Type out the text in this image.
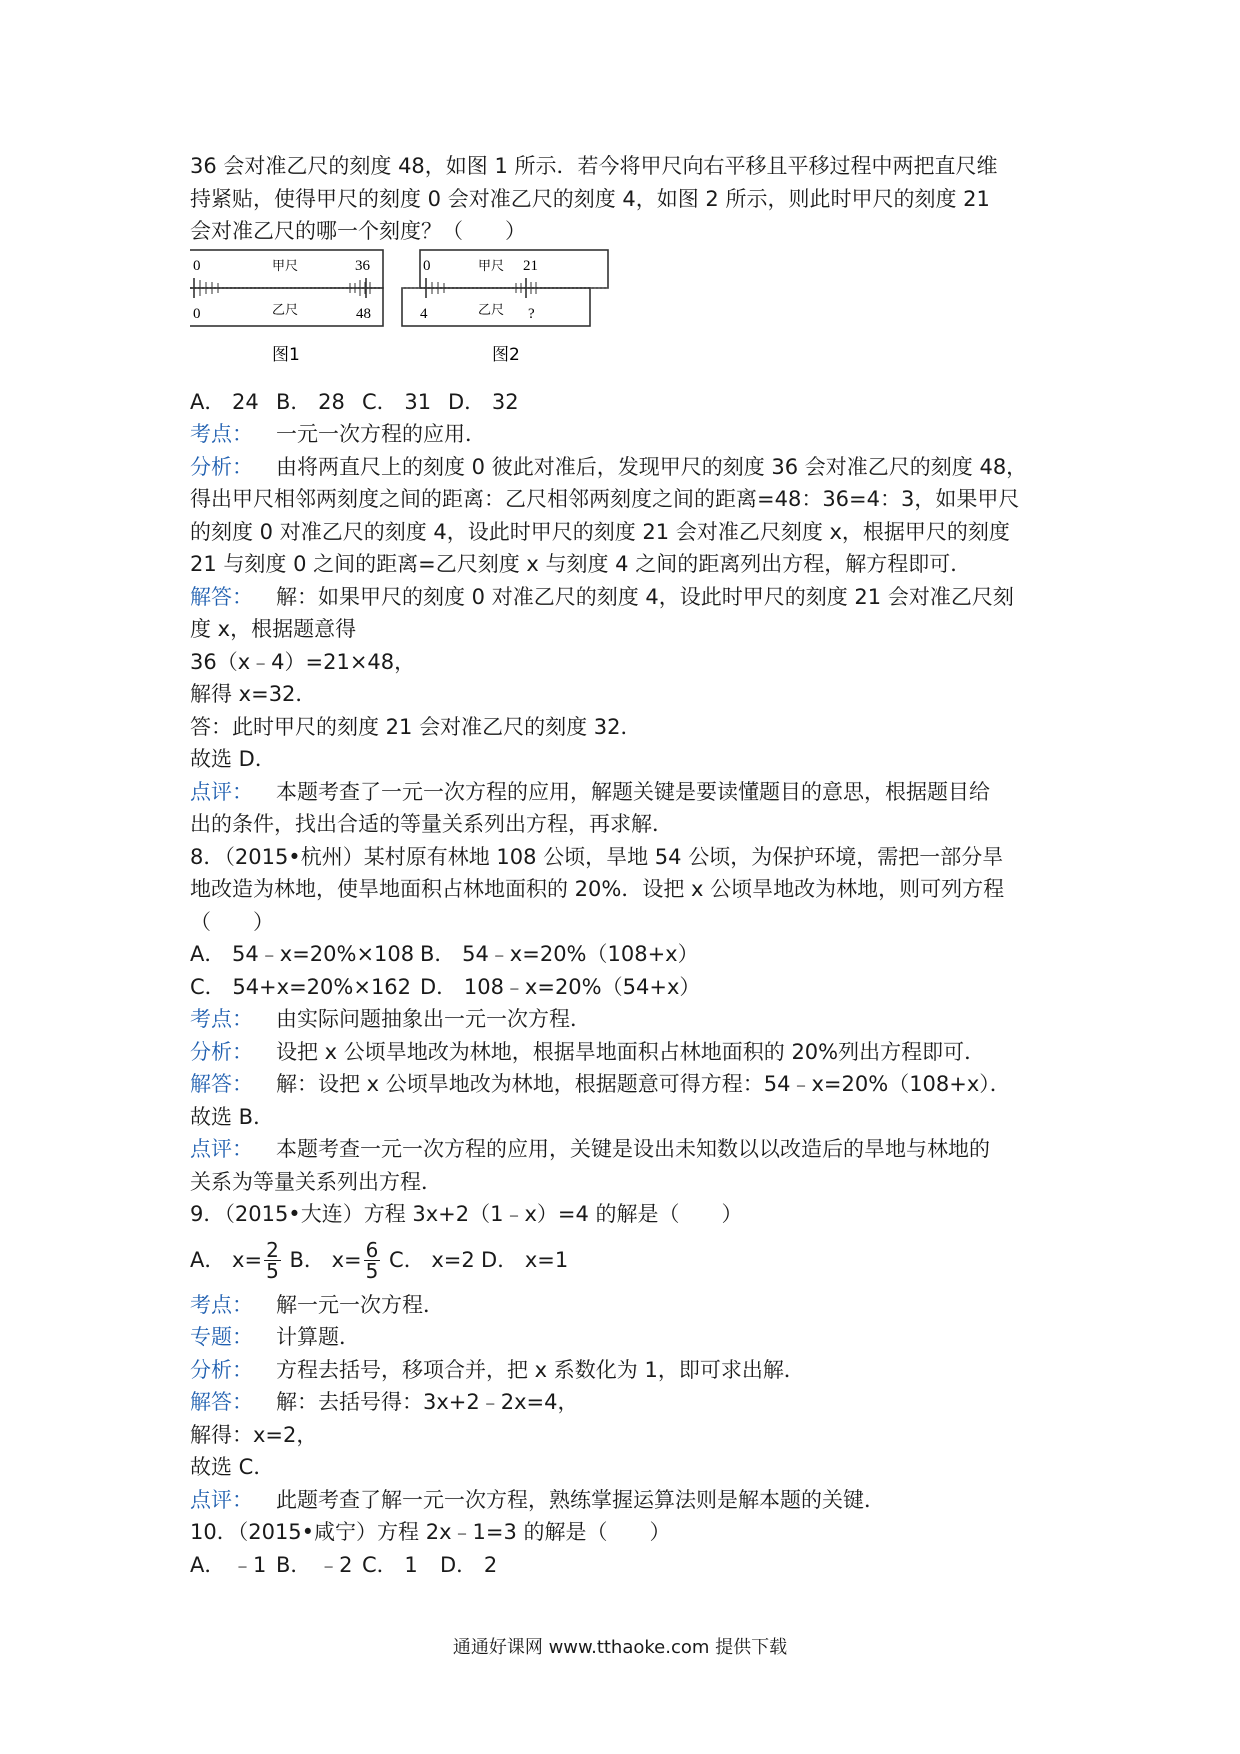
36 会对准乙尺的刻度 48，如图 1 所示．若今将甲尺向右平移且平移过程中两把直尺维
持紧贴，使得甲尺的刻度 0 会对准乙尺的刻度 4，如图 2 所示，则此时甲尺的刻度 21
会对准乙尺的哪一个刻度？（　　）
0	甲尺	36
0	乙尺	48
图1
0	甲尺 21
4	乙尺 ?
图2
A． 24 B． 28 C． 31 D． 32
考点： 一元一次方程的应用．
分析： 由将两直尺上的刻度 0 彼此对准后，发现甲尺的刻度 36 会对准乙尺的刻度 48，
得出甲尺相邻两刻度之间的距离：乙尺相邻两刻度之间的距离=48：36=4：3，如果甲尺
的刻度 0 对准乙尺的刻度 4，设此时甲尺的刻度 21 会对准乙尺刻度 x，根据甲尺的刻度
21 与刻度 0 之间的距离=乙尺刻度 x 与刻度 4 之间的距离列出方程，解方程即可．
解答： 解：如果甲尺的刻度 0 对准乙尺的刻度 4，设此时甲尺的刻度 21 会对准乙尺刻
度 x，根据题意得
36（x﹣4）=21×48，
解得 x=32．
答：此时甲尺的刻度 21 会对准乙尺的刻度 32．
故选 D．
点评： 本题考查了一元一次方程的应用，解题关键是要读懂题目的意思，根据题目给
出的条件，找出合适的等量关系列出方程，再求解．
8．（2015•杭州）某村原有林地 108 公顷，旱地 54 公顷，为保护环境，需把一部分旱
地改造为林地，使旱地面积占林地面积的 20%．设把 x 公顷旱地改为林地，则可列方程
（　　）
A． 54﹣x=20%×108 B． 54﹣x=20%（108+x）
C． 54+x=20%×162 D． 108﹣x=20%（54+x）
考点： 由实际问题抽象出一元一次方程．
分析： 设把 x 公顷旱地改为林地，根据旱地面积占林地面积的 20%列出方程即可．
解答： 解：设把 x 公顷旱地改为林地，根据题意可得方程：54﹣x=20%（108+x）．
故选 B．
点评： 本题考查一元一次方程的应用，关键是设出未知数以以改造后的旱地与林地的
关系为等量关系列出方程．
9．（2015•大连）方程 3x+2（1﹣x）=4 的解是（　　）
A． $x= \frac{2}{5}$ B． $x= \frac{6}{5}$ C． x=2 D． x=1
考点： 解一元一次方程．
专题： 计算题．
分析： 方程去括号，移项合并，把 x 系数化为 1，即可求出解．
解答： 解：去括号得：3x+2﹣2x=4，
解得：x=2，
故选 C．
点评： 此题考查了解一元一次方程，熟练掌握运算法则是解本题的关键．
10．（2015•咸宁）方程 2x﹣1=3 的解是（　　）
A． ﹣1 B． ﹣2 C． 1 D． 2
通通好课网 www.tthaoke.com 提供下载
